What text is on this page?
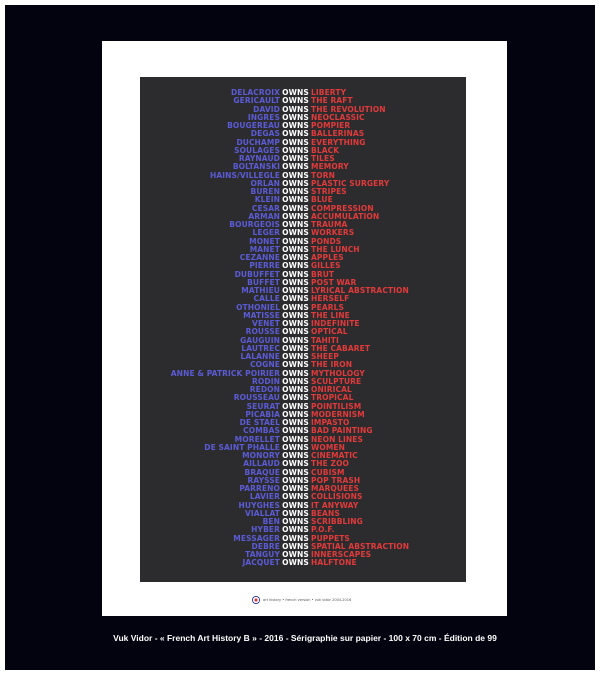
DELACROIX OWNS LIBERTY
GERICAULT OWNS THE RAFT
DAVID OWNS THE REVOLUTION
INGRES OWNS NEOCLASSIC
BOUGEREAU OWNS POMPIER
DEGAS OWNS BALLERINAS
DUCHAMP OWNS EVERYTHING
SOULAGES OWNS BLACK
RAYNAUD OWNS TILES
BOLTANSKI OWNS MEMORY
HAINS/VILLEGLE OWNS TORN
ORLAN OWNS PLASTIC SURGERY
BUREN OWNS STRIPES
KLEIN OWNS BLUE
CESAR OWNS COMPRESSION
ARMAN OWNS ACCUMULATION
BOURGEOIS OWNS TRAUMA
LEGER OWNS WORKERS
MONET OWNS PONDS
MANET OWNS THE LUNCH
CEZANNE OWNS APPLES
PIERRE OWNS GILLES
DUBUFFET OWNS BRUT
BUFFET OWNS POST WAR
MATHIEU OWNS LYRICAL ABSTRACTION
CALLE OWNS HERSELF
OTHONIEL OWNS PEARLS
MATISSE OWNS THE LINE
VENET OWNS INDEFINITE
ROUSSE OWNS OPTICAL
GAUGUIN OWNS TAHITI
LAUTREC OWNS THE CABARET
LALANNE OWNS SHEEP
COGNE OWNS THE IRON
ANNE & PATRICK POIRIER OWNS MYTHOLOGY
RODIN OWNS SCULPTURE
REDON OWNS ONIRICAL
ROUSSEAU OWNS TROPICAL
SEURAT OWNS POINTILISM
PICABIA OWNS MODERNISM
DE STAEL OWNS IMPASTO
COMBAS OWNS BAD PAINTING
MORELLET OWNS NEON LINES
DE SAINT PHALLE OWNS WOMEN
MONORY OWNS CINEMATIC
AILLAUD OWNS THE ZOO
BRAQUE OWNS CUBISM
RAYSSE OWNS POP TRASH
PARRENO OWNS MARQUEES
LAVIER OWNS COLLISIONS
HUYGHES OWNS IT ANYWAY
VIALLAT OWNS BEANS
BEN OWNS SCRIBBLING
HYBER OWNS P.O.F.
MESSAGER OWNS PUPPETS
DEBRE OWNS SPATIAL ABSTRACTION
TANGUY OWNS INNERSCAPES
JACQUET OWNS HALFTONE
art history • french version • vuk vidor 2004-2016
Vuk Vidor - « French Art History B » - 2016 - Sérigraphie sur papier - 100 x 70 cm - Édition de 99
